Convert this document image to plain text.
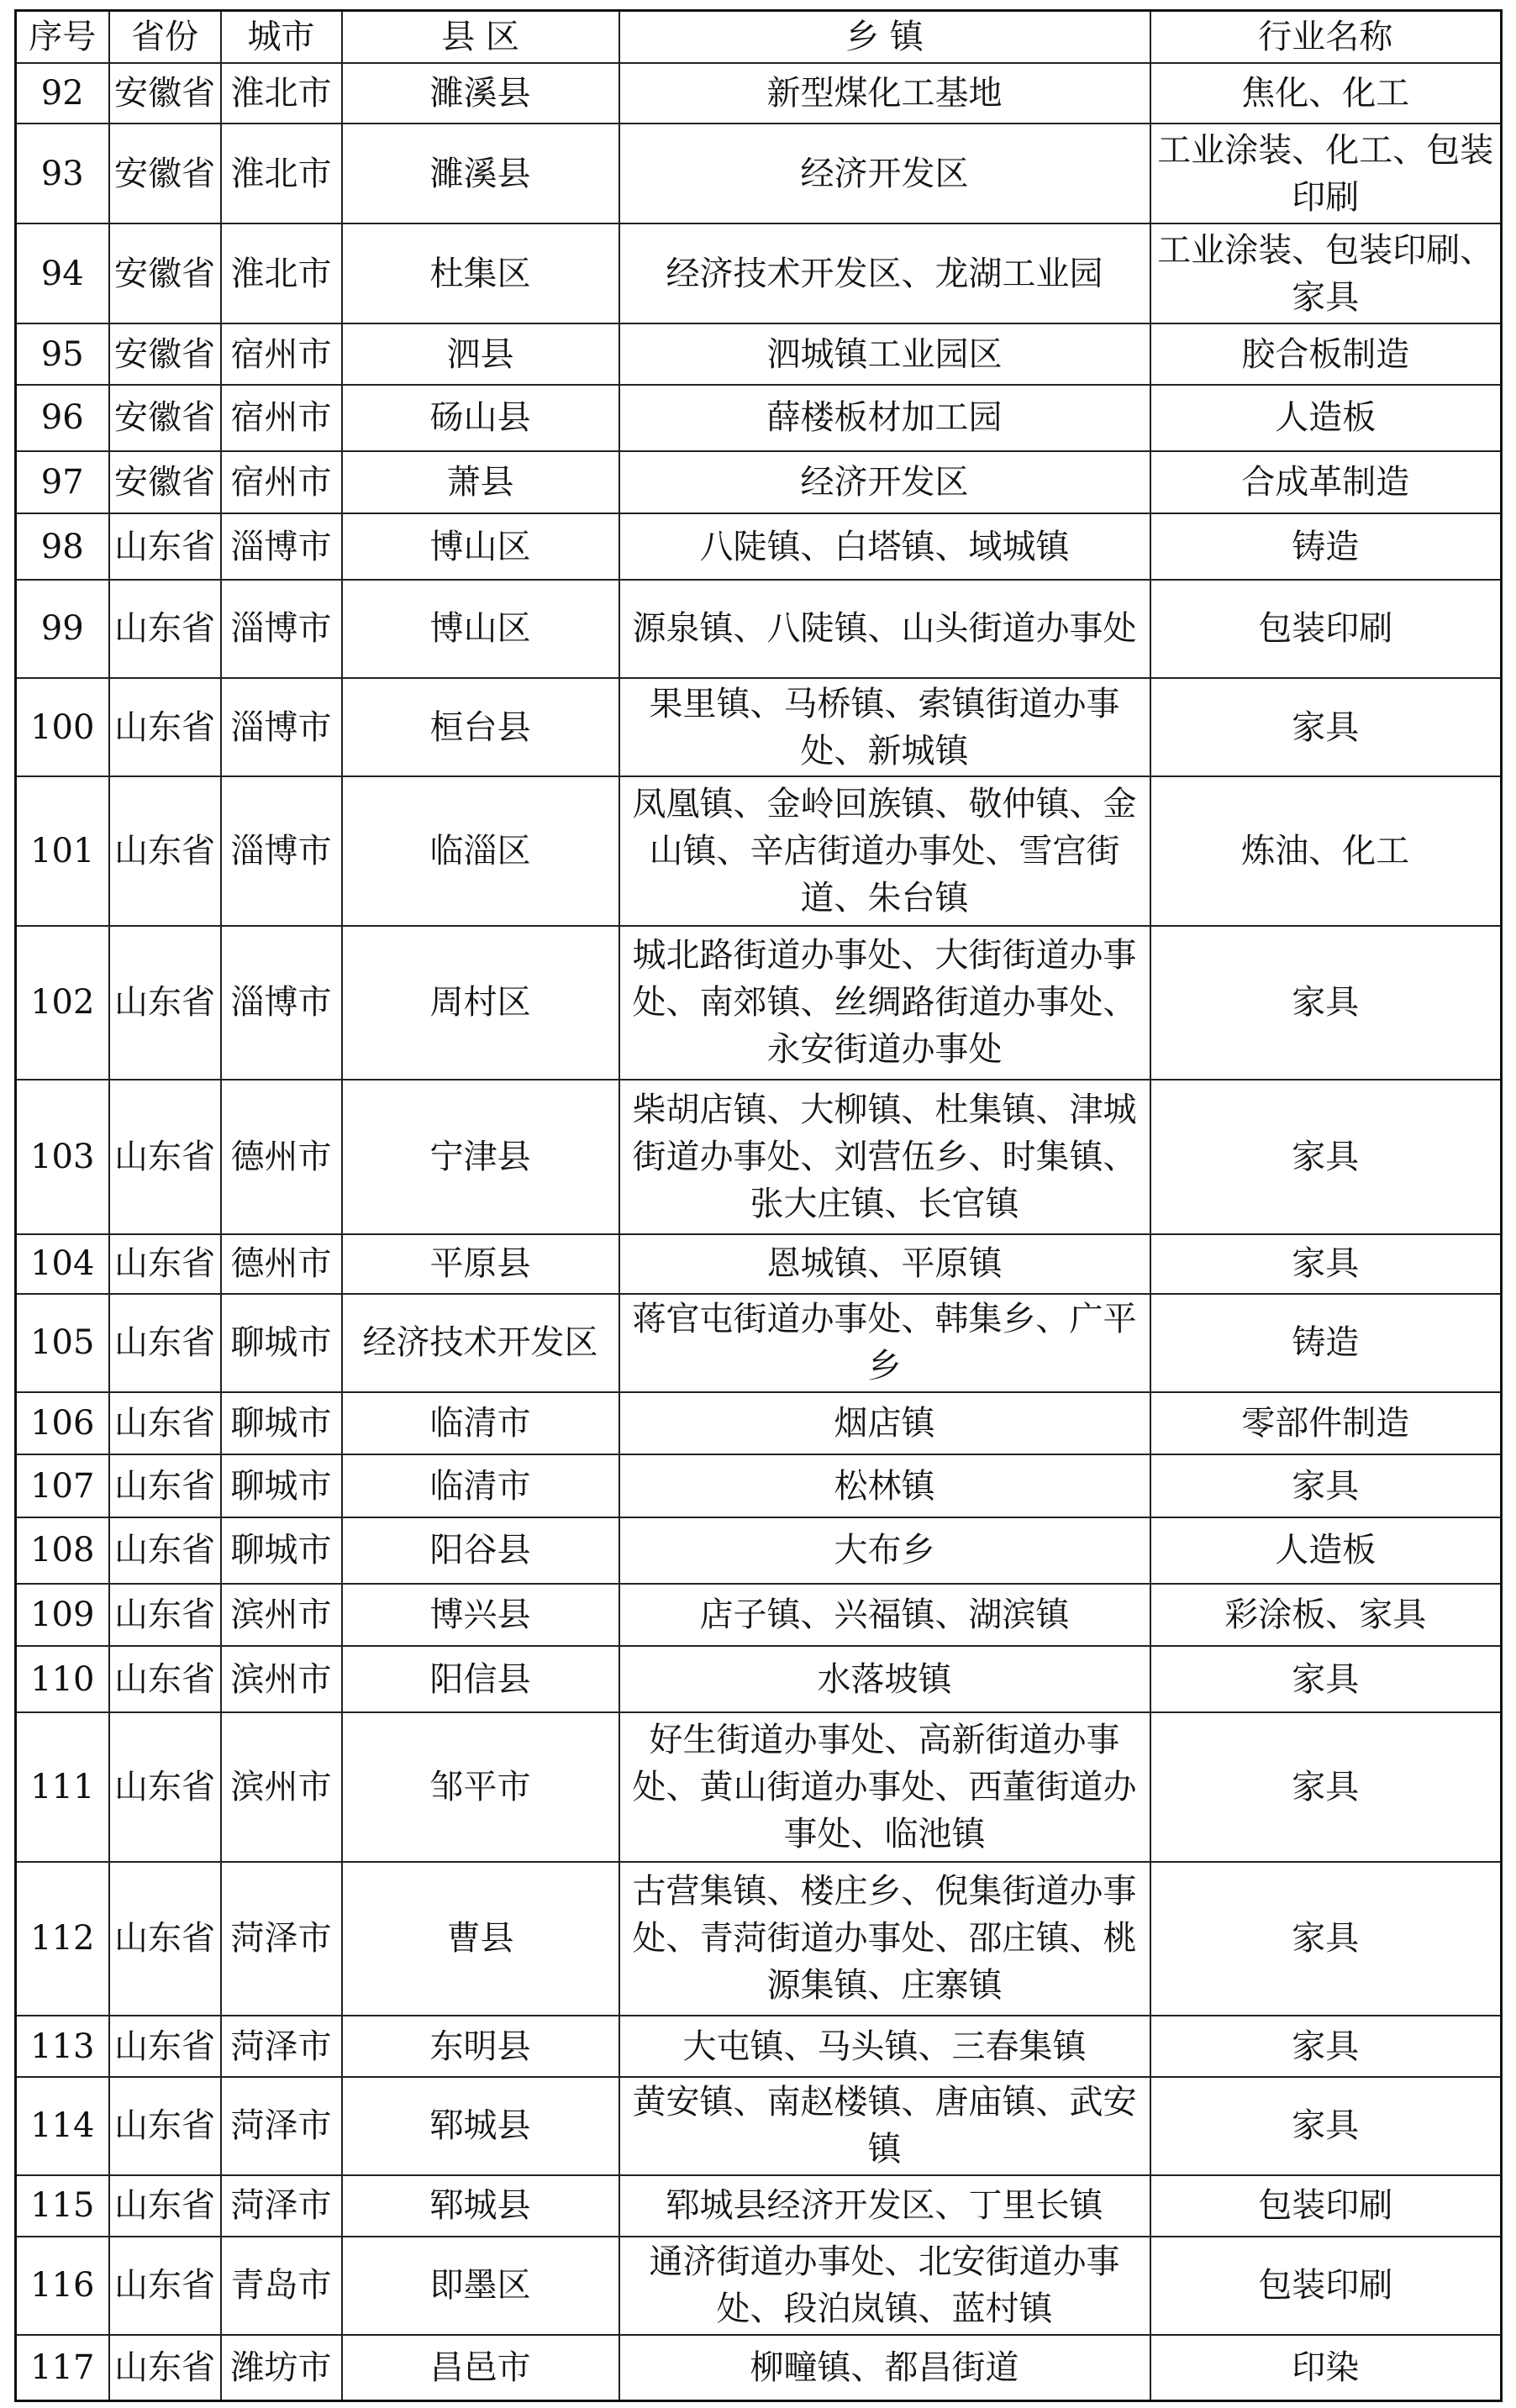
序号	省份	城市	县 区	乡 镇	行业名称
92	安徽省	淮北市	濉溪县	新型煤化工基地	焦化、化工
93	安徽省	淮北市	濉溪县	经济开发区	工业涂装、化工、包装印刷
94	安徽省	淮北市	杜集区	经济技术开发区、龙湖工业园	工业涂装、包装印刷、家具
95	安徽省	宿州市	泗县	泗城镇工业园区	胶合板制造
96	安徽省	宿州市	砀山县	薛楼板材加工园	人造板
97	安徽省	宿州市	萧县	经济开发区	合成革制造
98	山东省	淄博市	博山区	八陡镇、白塔镇、域城镇	铸造
99	山东省	淄博市	博山区	源泉镇、八陡镇、山头街道办事处	包装印刷
100	山东省	淄博市	桓台县	果里镇、马桥镇、索镇街道办事处、新城镇	家具
101	山东省	淄博市	临淄区	凤凰镇、金岭回族镇、敬仲镇、金山镇、辛店街道办事处、雪宫街道、朱台镇	炼油、化工
102	山东省	淄博市	周村区	城北路街道办事处、大街街道办事处、南郊镇、丝绸路街道办事处、永安街道办事处	家具
103	山东省	德州市	宁津县	柴胡店镇、大柳镇、杜集镇、津城街道办事处、刘营伍乡、时集镇、张大庄镇、长官镇	家具
104	山东省	德州市	平原县	恩城镇、平原镇	家具
105	山东省	聊城市	经济技术开发区	蒋官屯街道办事处、韩集乡、广平乡	铸造
106	山东省	聊城市	临清市	烟店镇	零部件制造
107	山东省	聊城市	临清市	松林镇	家具
108	山东省	聊城市	阳谷县	大布乡	人造板
109	山东省	滨州市	博兴县	店子镇、兴福镇、湖滨镇	彩涂板、家具
110	山东省	滨州市	阳信县	水落坡镇	家具
111	山东省	滨州市	邹平市	好生街道办事处、高新街道办事处、黄山街道办事处、西董街道办事处、临池镇	家具
112	山东省	菏泽市	曹县	古营集镇、楼庄乡、倪集街道办事处、青菏街道办事处、邵庄镇、桃源集镇、庄寨镇	家具
113	山东省	菏泽市	东明县	大屯镇、马头镇、三春集镇	家具
114	山东省	菏泽市	郓城县	黄安镇、南赵楼镇、唐庙镇、武安镇	家具
115	山东省	菏泽市	郓城县	郓城县经济开发区、丁里长镇	包装印刷
116	山东省	青岛市	即墨区	通济街道办事处、北安街道办事处、段泊岚镇、蓝村镇	包装印刷
117	山东省	潍坊市	昌邑市	柳疃镇、都昌街道	印染
